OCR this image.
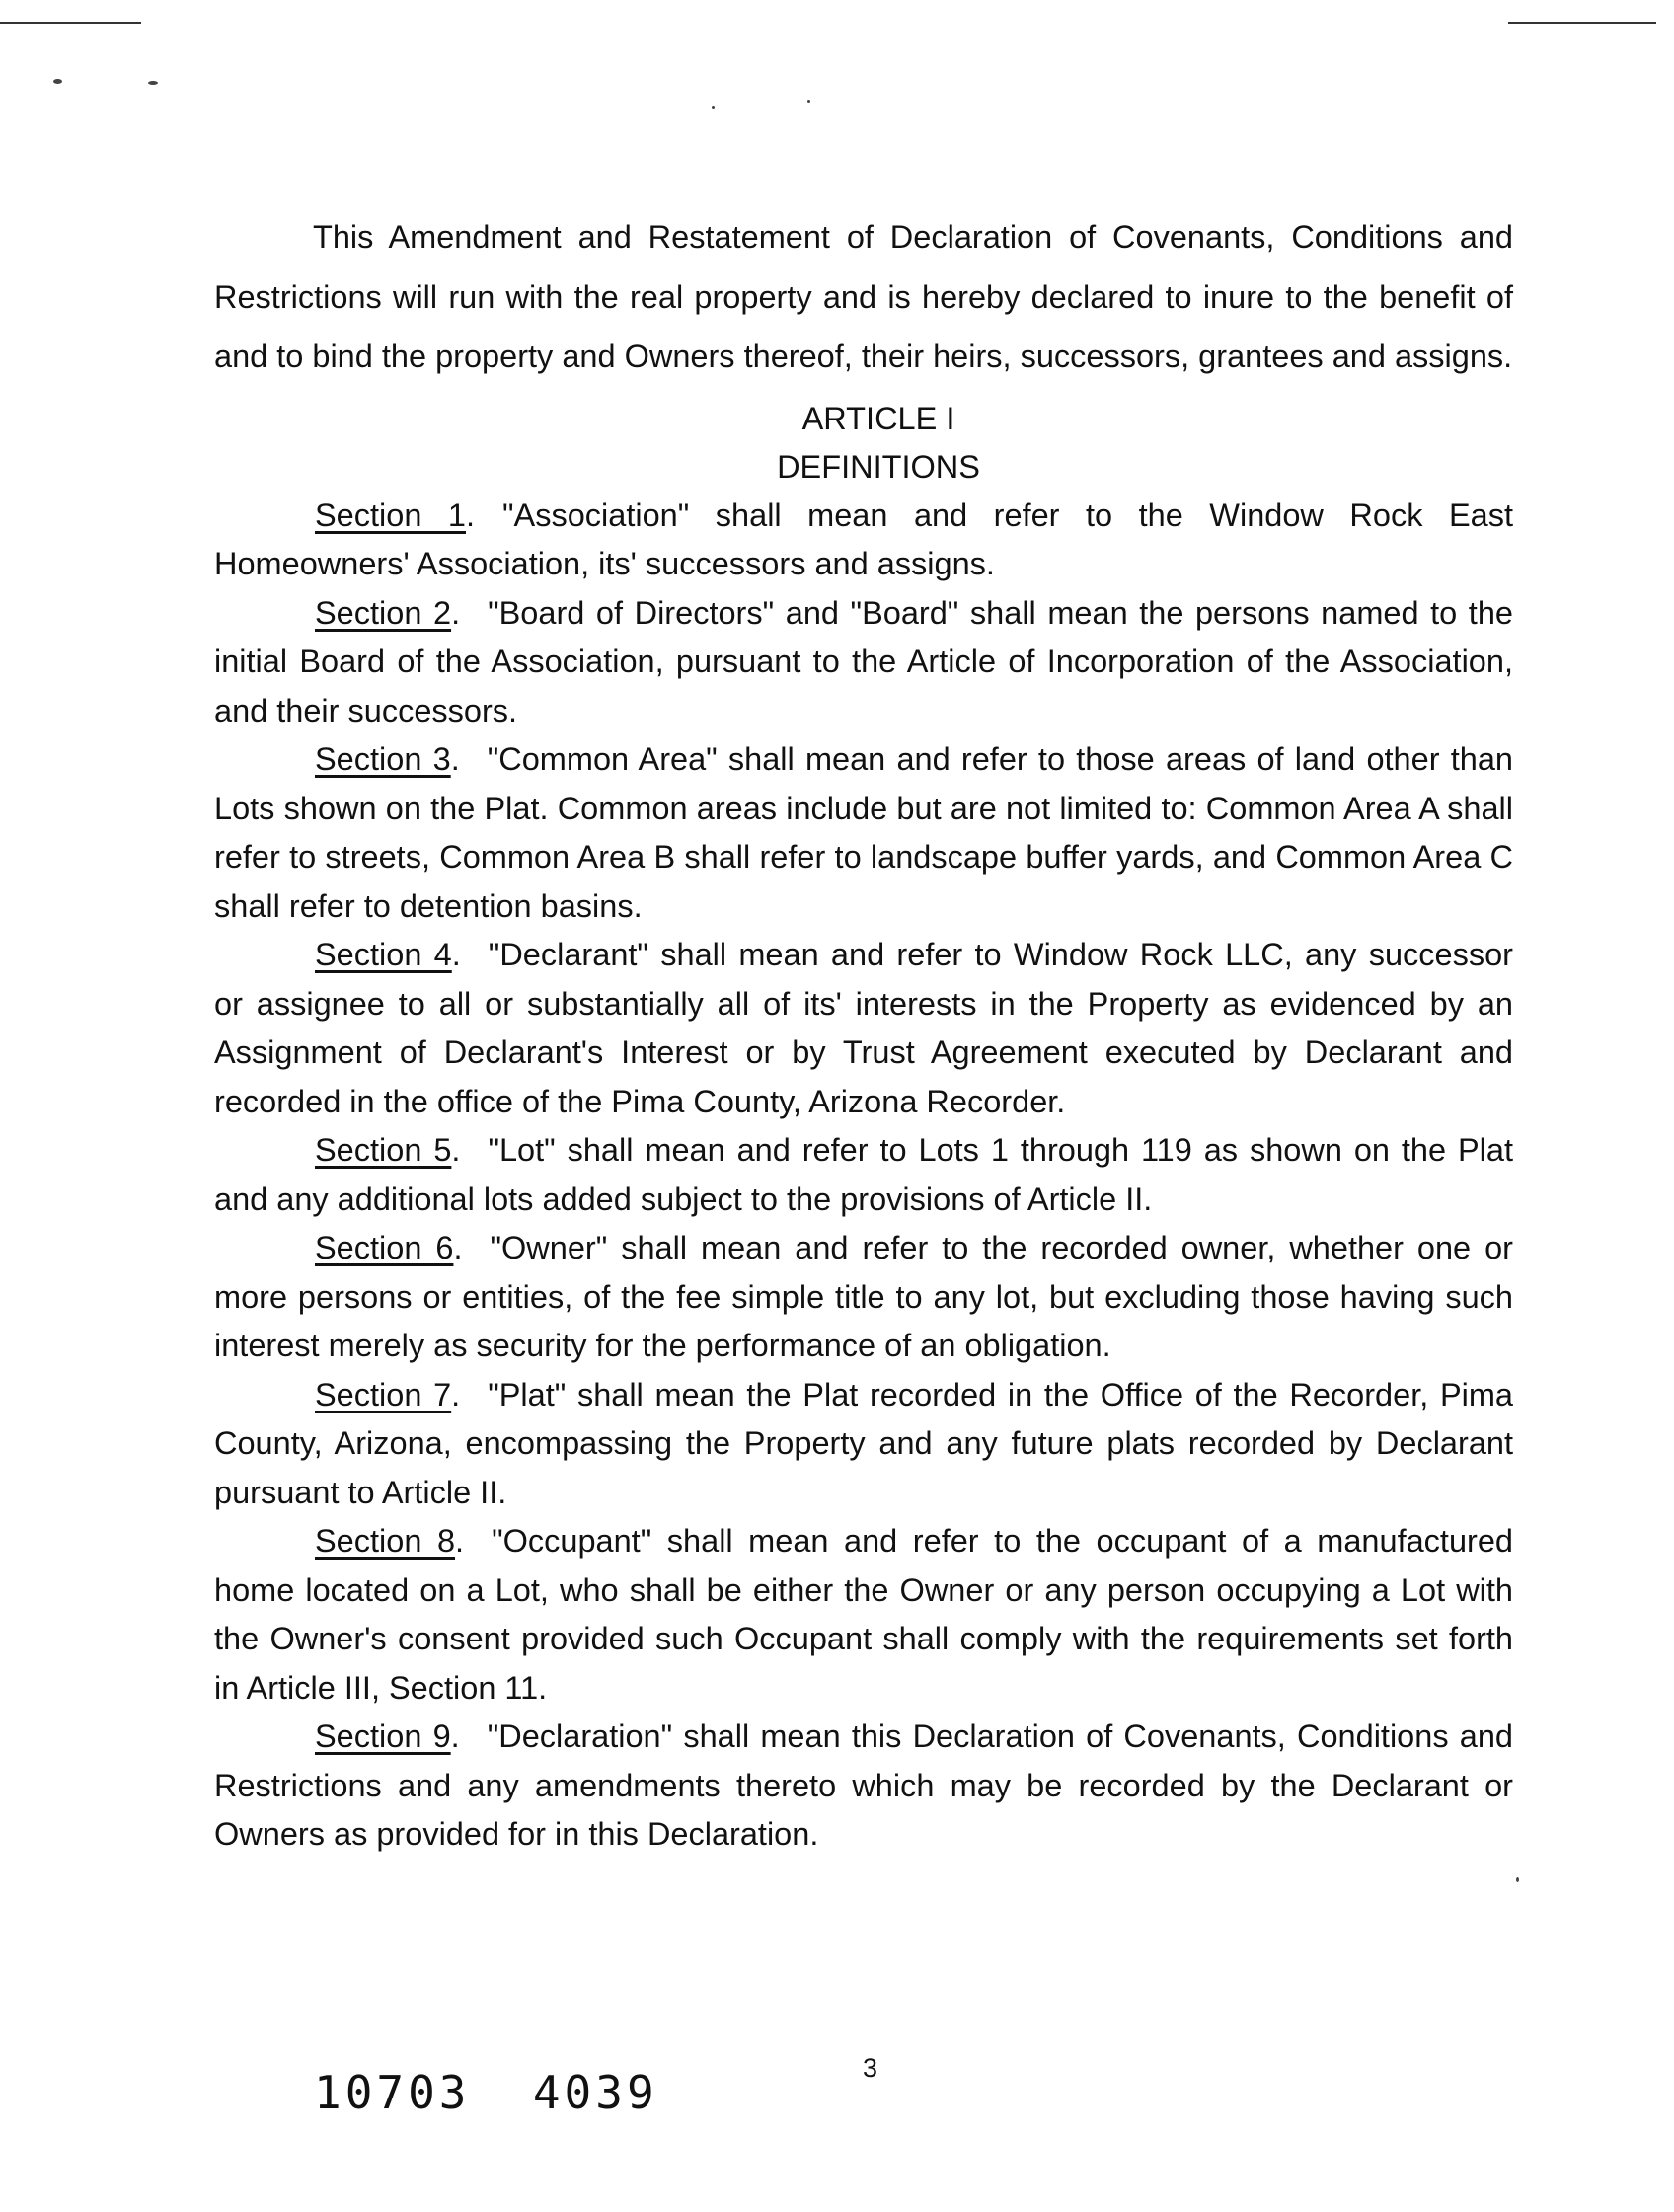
This Amendment and Restatement of Declaration of Covenants, Conditions and Restrictions will run with the real property and is hereby declared to inure to the benefit of and to bind the property and Owners thereof, their heirs, successors, grantees and assigns.

ARTICLE I
DEFINITIONS

Section 1. "Association" shall mean and refer to the Window Rock East Homeowners' Association, its' successors and assigns.

Section 2. "Board of Directors" and "Board" shall mean the persons named to the initial Board of the Association, pursuant to the Article of Incorporation of the Association, and their successors.

Section 3. "Common Area" shall mean and refer to those areas of land other than Lots shown on the Plat. Common areas include but are not limited to: Common Area A shall refer to streets, Common Area B shall refer to landscape buffer yards, and Common Area C shall refer to detention basins.

Section 4. "Declarant" shall mean and refer to Window Rock LLC, any successor or assignee to all or substantially all of its' interests in the Property as evidenced by an Assignment of Declarant's Interest or by Trust Agreement executed by Declarant and recorded in the office of the Pima County, Arizona Recorder.

Section 5. "Lot" shall mean and refer to Lots 1 through 119 as shown on the Plat and any additional lots added subject to the provisions of Article II.

Section 6. "Owner" shall mean and refer to the recorded owner, whether one or more persons or entities, of the fee simple title to any lot, but excluding those having such interest merely as security for the performance of an obligation.

Section 7. "Plat" shall mean the Plat recorded in the Office of the Recorder, Pima County, Arizona, encompassing the Property and any future plats recorded by Declarant pursuant to Article II.

Section 8. "Occupant" shall mean and refer to the occupant of a manufactured home located on a Lot, who shall be either the Owner or any person occupying a Lot with the Owner's consent provided such Occupant shall comply with the requirements set forth in Article III, Section 11.

Section 9. "Declaration" shall mean this Declaration of Covenants, Conditions and Restrictions and any amendments thereto which may be recorded by the Declarant or Owners as provided for in this Declaration.

3
10703  4039
